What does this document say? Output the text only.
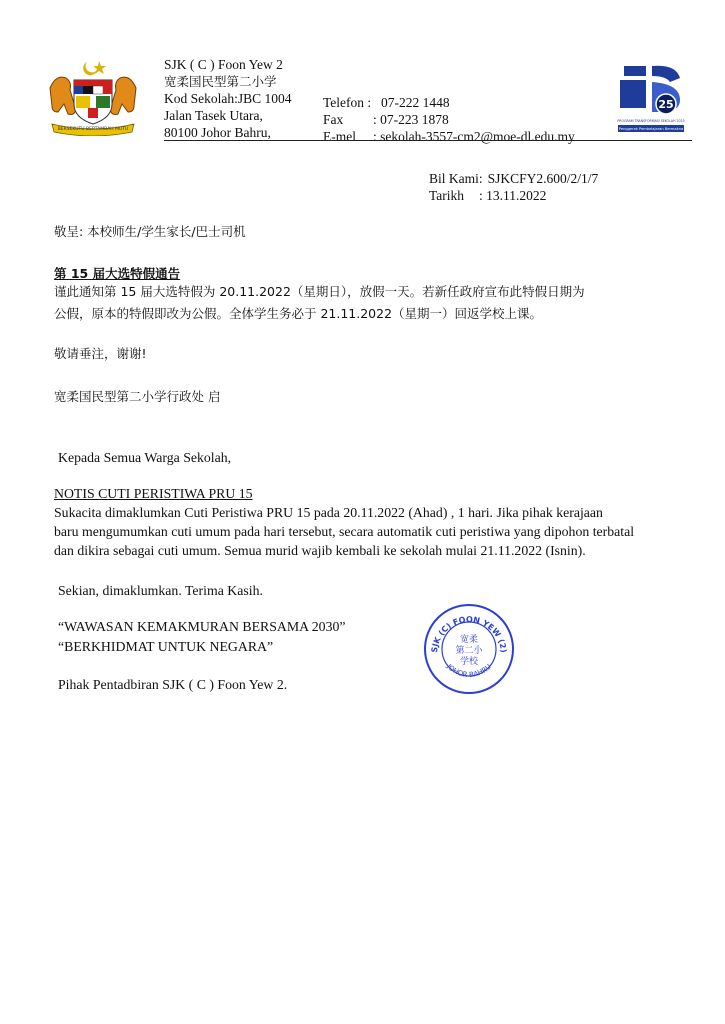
BERSEKUTU BERTAMBAH MUTU
SJK ( C ) Foon Yew 2
宽柔国民型第二小学
Kod Sekolah:JBC 1004
Jalan Tasek Utara,
80100 Johor Bahru,
Telefon : 07-222 1448
Fax	: 07-223 1878
E-mel	: sekolah-3557-cm2@moe-dl.edu.my
25
PROGRAM TRANSFORMASI SEKOLAH 2025
Penggerak Pembelajaran Bermakna
Bil Kami: SJKCFY2.600/2/1/7
Tarikh	: 13.11.2022
敬呈: 本校师生/学生家长/巴士司机
第 15 届大选特假通告
谨此通知第 15 届大选特假为 20.11.2022（星期日），放假一天。若新任政府宣布此特假日期为
公假，原本的特假即改为公假。全体学生务必于 21.11.2022（星期一）回返学校上课。
敬请垂注，谢谢!
宽柔国民型第二小学行政处 启
Kepada Semua Warga Sekolah,
NOTIS CUTI PERISTIWA PRU 15
Sukacita dimaklumkan Cuti Peristiwa PRU 15 pada 20.11.2022 (Ahad) , 1 hari. Jika pihak kerajaan
baru mengumumkan cuti umum pada hari tersebut, secara automatik cuti peristiwa yang dipohon terbatal
dan dikira sebagai cuti umum. Semua murid wajib kembali ke sekolah mulai 21.11.2022 (Isnin).
Sekian, dimaklumkan. Terima Kasih.
“WAWASAN KEMAKMURAN BERSAMA 2030”
“BERKHIDMAT UNTUK NEGARA”
Pihak Pentadbiran SJK ( C ) Foon Yew 2.
SJK (C) FOON YEW (2)
JOHOR BAHRU
宽柔
第二小
学校
